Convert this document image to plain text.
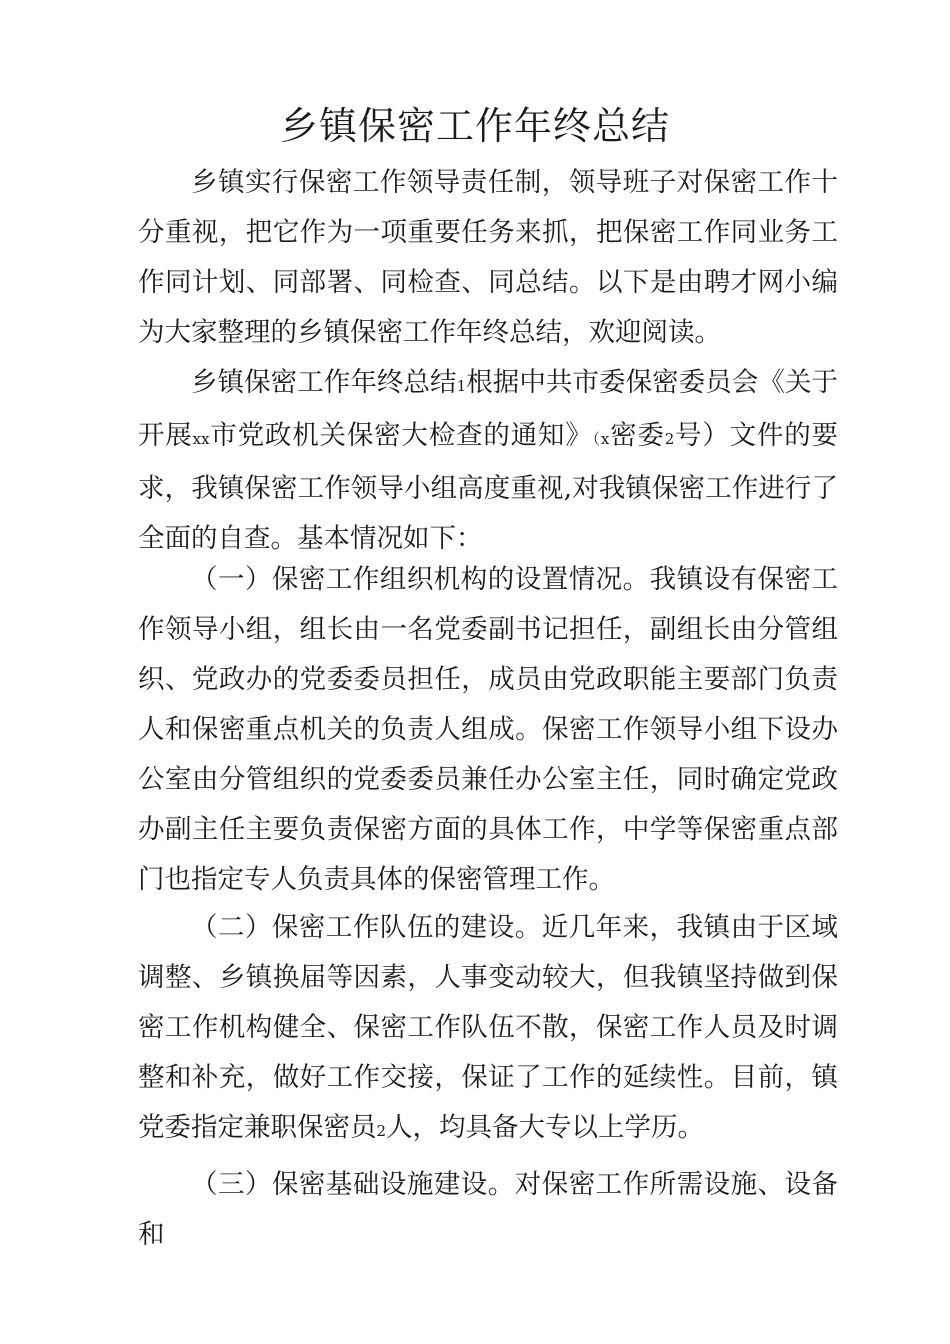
乡镇保密工作年终总结

乡镇实行保密工作领导责任制，领导班子对保密工作十分重视，把它作为一项重要任务来抓，把保密工作同业务工作同计划、同部署、同检查、同总结。以下是由聘才网小编为大家整理的乡镇保密工作年终总结，欢迎阅读。

乡镇保密工作年终总结1根据中共市委保密委员会《关于开展xx市党政机关保密大检查的通知》（x密委2号）文件的要求，我镇保密工作领导小组高度重视,对我镇保密工作进行了全面的自查。基本情况如下：

（一）保密工作组织机构的设置情况。我镇设有保密工作领导小组，组长由一名党委副书记担任，副组长由分管组织、党政办的党委委员担任，成员由党政职能主要部门负责人和保密重点机关的负责人组成。保密工作领导小组下设办公室由分管组织的党委委员兼任办公室主任，同时确定党政办副主任主要负责保密方面的具体工作，中学等保密重点部门也指定专人负责具体的保密管理工作。

（二）保密工作队伍的建设。近几年来，我镇由于区域调整、乡镇换届等因素，人事变动较大，但我镇坚持做到保密工作机构健全、保密工作队伍不散，保密工作人员及时调整和补充，做好工作交接，保证了工作的延续性。目前，镇党委指定兼职保密员2人，均具备大专以上学历。

（三）保密基础设施建设。对保密工作所需设施、设备和
